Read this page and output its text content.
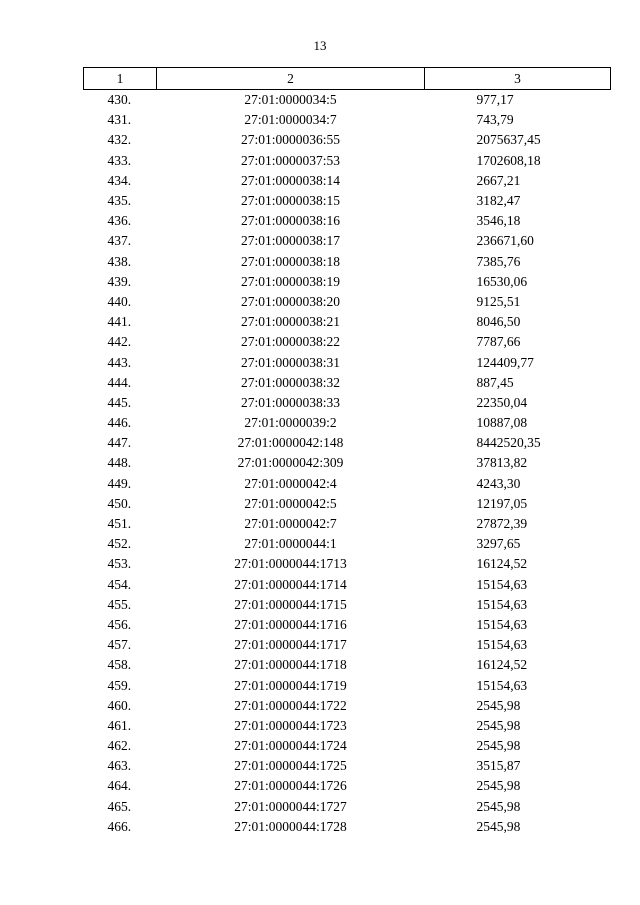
13
1	2	3
430.	27:01:0000034:5	977,17
431.	27:01:0000034:7	743,79
432.	27:01:0000036:55	2075637,45
433.	27:01:0000037:53	1702608,18
434.	27:01:0000038:14	2667,21
435.	27:01:0000038:15	3182,47
436.	27:01:0000038:16	3546,18
437.	27:01:0000038:17	236671,60
438.	27:01:0000038:18	7385,76
439.	27:01:0000038:19	16530,06
440.	27:01:0000038:20	9125,51
441.	27:01:0000038:21	8046,50
442.	27:01:0000038:22	7787,66
443.	27:01:0000038:31	124409,77
444.	27:01:0000038:32	887,45
445.	27:01:0000038:33	22350,04
446.	27:01:0000039:2	10887,08
447.	27:01:0000042:148	8442520,35
448.	27:01:0000042:309	37813,82
449.	27:01:0000042:4	4243,30
450.	27:01:0000042:5	12197,05
451.	27:01:0000042:7	27872,39
452.	27:01:0000044:1	3297,65
453.	27:01:0000044:1713	16124,52
454.	27:01:0000044:1714	15154,63
455.	27:01:0000044:1715	15154,63
456.	27:01:0000044:1716	15154,63
457.	27:01:0000044:1717	15154,63
458.	27:01:0000044:1718	16124,52
459.	27:01:0000044:1719	15154,63
460.	27:01:0000044:1722	2545,98
461.	27:01:0000044:1723	2545,98
462.	27:01:0000044:1724	2545,98
463.	27:01:0000044:1725	3515,87
464.	27:01:0000044:1726	2545,98
465.	27:01:0000044:1727	2545,98
466.	27:01:0000044:1728	2545,98
